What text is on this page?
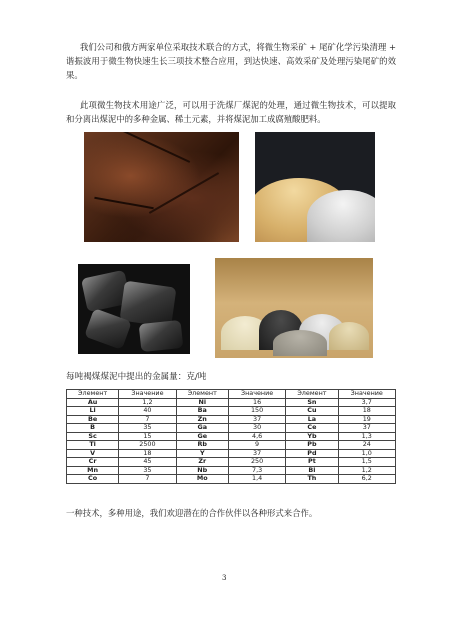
我们公司和俄方两家单位采取技术联合的方式，将微生物采矿 + 尾矿化学污染清理 + 谐振波用于微生物快速生长三项技术整合应用，到达快速、高效采矿及处理污染尾矿的效果。

此项微生物技术用途广泛，可以用于洗煤厂煤泥的处理，通过微生物技术，可以提取和分离出煤泥中的多种金属、稀土元素，并将煤泥加工成腐殖酸肥料。

每吨褐煤煤泥中提出的金属量：克/吨

Элемент	Значение	Элемент	Значение	Элемент	Значение
Au	1,2	Ni	16	Sn	3,7
Li	40	Ba	150	Cu	18
Be	7	Zn	37	La	19
B	35	Ga	30	Ce	37
Sc	15	Ge	4,6	Yb	1,3
Ti	2500	Rb	9	Pb	24
V	18	Y	37	Pd	1,0
Cr	45	Zr	250	Pt	1,5
Mn	35	Nb	7,3	Bi	1,2
Co	7	Mo	1,4	Th	6,2

一种技术，多种用途，我们欢迎潜在的合作伙伴以各种形式来合作。

3
